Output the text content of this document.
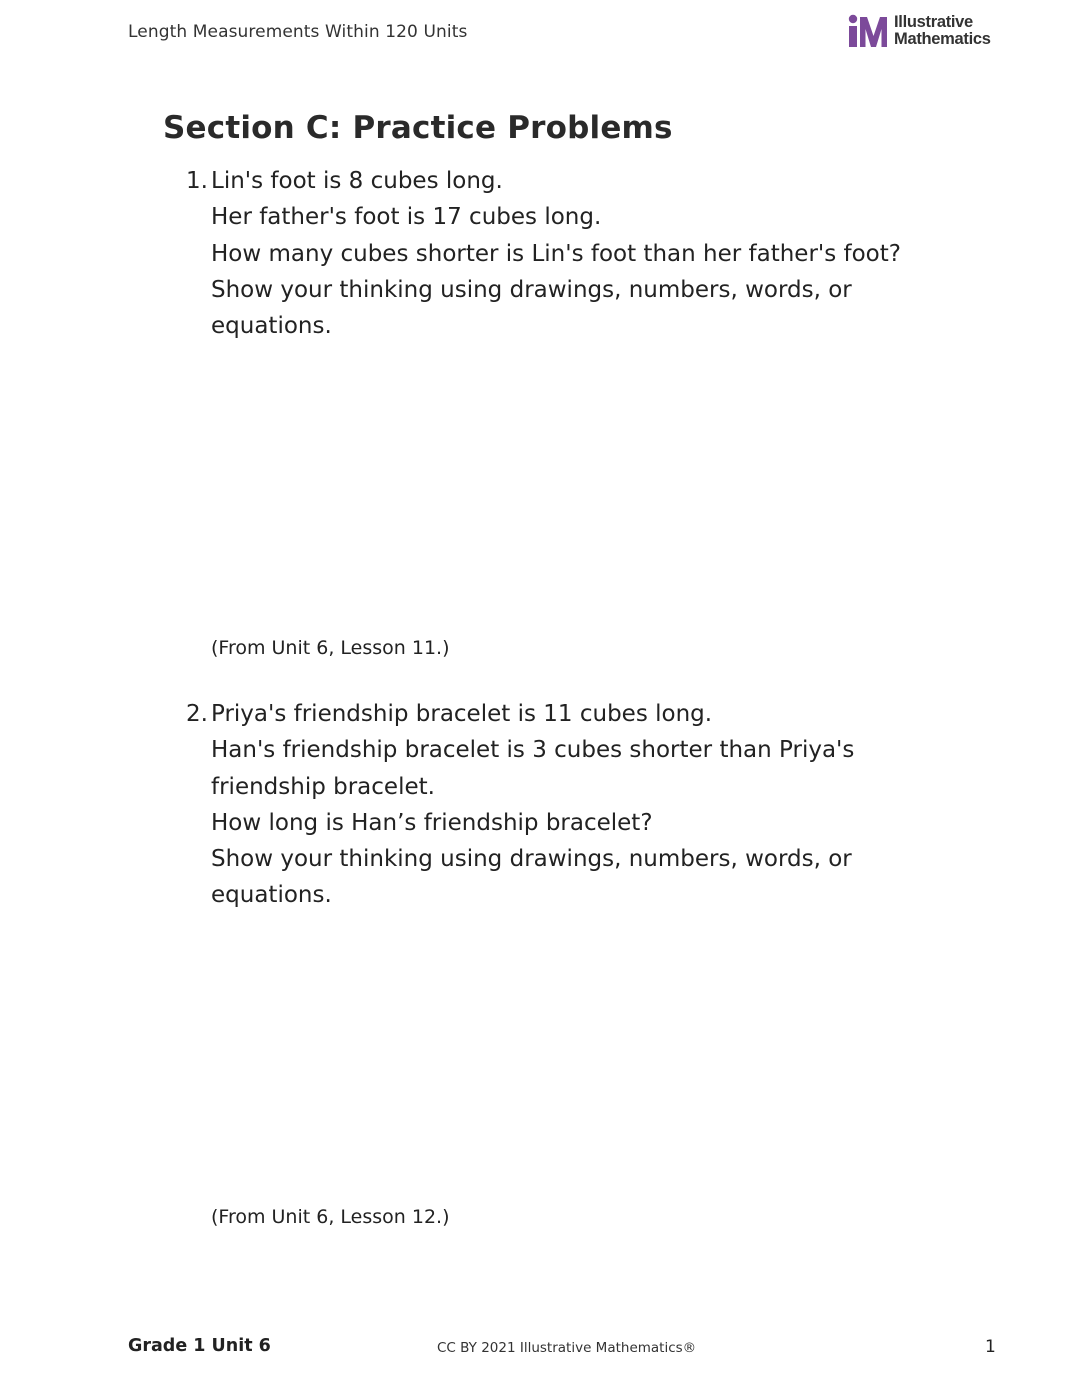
Length Measurements Within 120 Units	Illustrative
Mathematics
Section C: Practice Problems
1. Lin's foot is 8 cubes long.
Her father's foot is 17 cubes long.
How many cubes shorter is Lin's foot than her father's foot?
Show your thinking using drawings, numbers, words, or
equations.
(From Unit 6, Lesson 11.)
2. Priya's friendship bracelet is 11 cubes long.
Han's friendship bracelet is 3 cubes shorter than Priya's
friendship bracelet.
How long is Han’s friendship bracelet?
Show your thinking using drawings, numbers, words, or
equations.
(From Unit 6, Lesson 12.)
Grade 1 Unit 6	CC BY 2021 Illustrative Mathematics®	1
